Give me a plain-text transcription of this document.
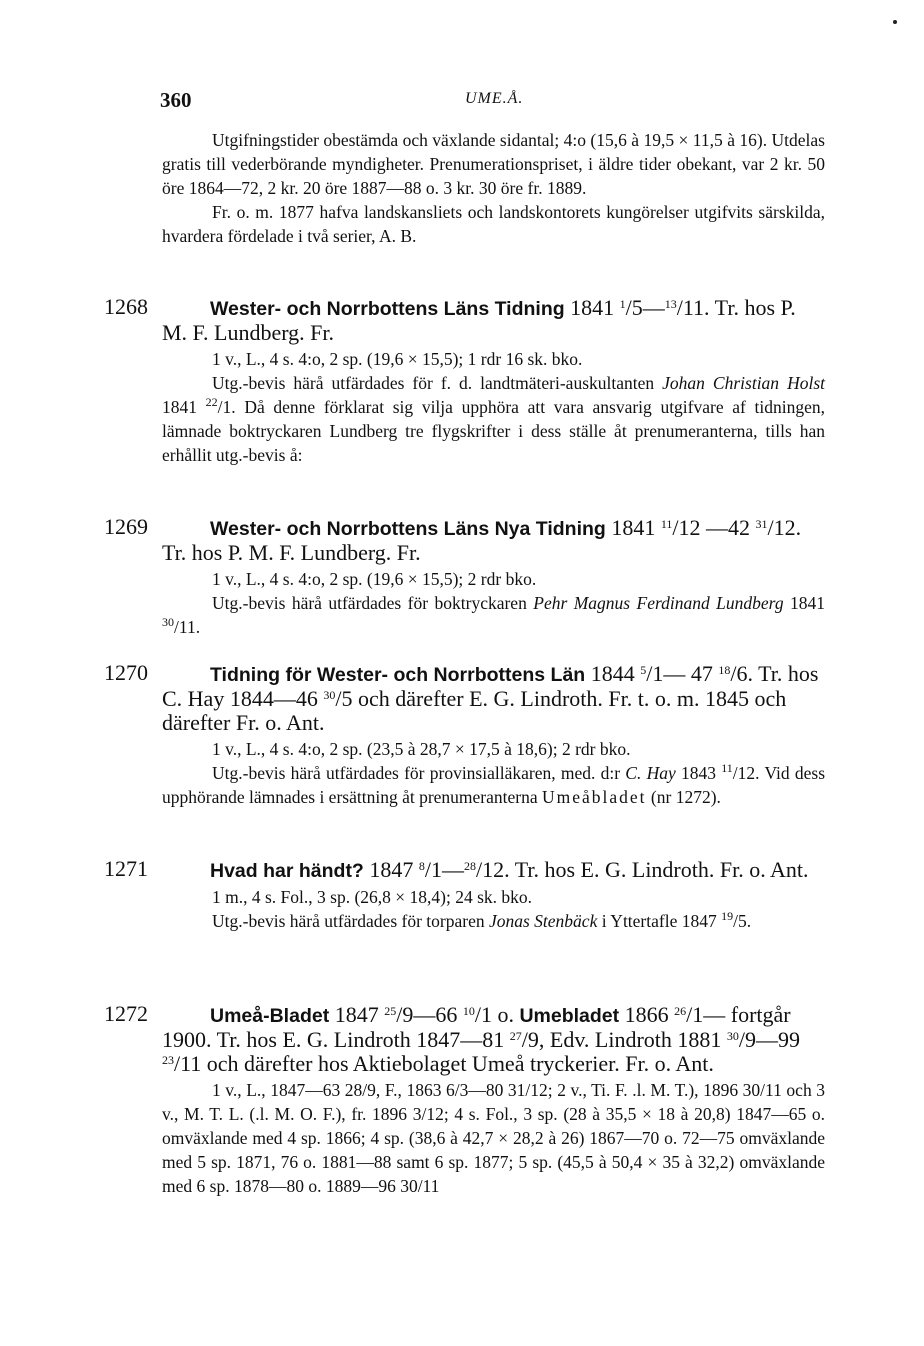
360	UME.Å.

Utgifningstider obestämda och växlande sidantal; 4:o (15,6 à 19,5 × 11,5 à 16). Utdelas gratis till vederbörande myndigheter. Prenumerationspriset, i äldre tider obekant, var 2 kr. 50 öre 1864—72, 2 kr. 20 öre 1887—88 o. 3 kr. 30 öre fr. 1889.

Fr. o. m. 1877 hafva landskansliets och landskontorets kungörelser utgifvits särskilda, hvardera fördelade i två serier, A. B.

1268	Wester- och Norrbottens Läns Tidning 1841 $^1$/5—$^{13}$/11. Tr. hos P. M. F. Lundberg. Fr.

1 v., L., 4 s. 4:o, 2 sp. (19,6 × 15,5); 1 rdr 16 sk. bko.

Utg.-bevis härå utfärdades för f. d. landtmäteri-auskultanten Johan Christian Holst 1841 $^{22}$/1. Då denne förklarat sig vilja upphöra att vara ansvarig utgifvare af tidningen, lämnade boktryckaren Lundberg tre flygskrifter i dess ställe åt prenumeranterna, tills han erhållit utg.-bevis å:

1269	Wester- och Norrbottens Läns Nya Tidning 1841 $^{11}$/12 —42 $^{31}$/12. Tr. hos P. M. F. Lundberg. Fr.

1 v., L., 4 s. 4:o, 2 sp. (19,6 × 15,5); 2 rdr bko.

Utg.-bevis härå utfärdades för boktryckaren Pehr Magnus Ferdinand Lundberg 1841 $^{30}$/11.

1270	Tidning för Wester- och Norrbottens Län 1844 $^5$/1— 47 $^{18}$/6. Tr. hos C. Hay 1844—46 $^{30}$/5 och därefter E. G. Lindroth. Fr. t. o. m. 1845 och därefter Fr. o. Ant.

1 v., L., 4 s. 4:o, 2 sp. (23,5 à 28,7 × 17,5 à 18,6); 2 rdr bko.

Utg.-bevis härå utfärdades för provinsialläkaren, med. d:r C. Hay 1843 $^{11}$/12. Vid dess upphörande lämnades i ersättning åt prenumeranterna Umeåbladet (nr 1272).

1271	Hvad har händt? 1847 $^8$/1—$^{28}$/12. Tr. hos E. G. Lindroth. Fr. o. Ant.

1 m., 4 s. Fol., 3 sp. (26,8 × 18,4); 24 sk. bko.

Utg.-bevis härå utfärdades för torparen Jonas Stenbäck i Yttertafle 1847 $^{19}$/5.

1272	Umeå-Bladet 1847 $^{25}$/9—66 $^{10}$/1 o. Umebladet 1866 $^{26}$/1— fortgår 1900. Tr. hos E. G. Lindroth 1847—81 $^{27}$/9, Edv. Lindroth 1881 $^{30}$/9—99 $^{23}$/11 och därefter hos Aktiebolaget Umeå tryckerier. Fr. o. Ant.

1 v., L., 1847—63 28/9, F., 1863 6/3—80 31/12; 2 v., Ti. F. .l. M. T.), 1896 30/11 och 3 v., M. T. L. (.l. M. O. F.), fr. 1896 3/12; 4 s. Fol., 3 sp. (28 à 35,5 × 18 à 20,8) 1847—65 o. omväxlande med 4 sp. 1866; 4 sp. (38,6 à 42,7 × 28,2 à 26) 1867—70 o. 72—75 omväxlande med 5 sp. 1871, 76 o. 1881—88 samt 6 sp. 1877; 5 sp. (45,5 à 50,4 × 35 à 32,2) omväxlande med 6 sp. 1878—80 o. 1889—96 30/11
